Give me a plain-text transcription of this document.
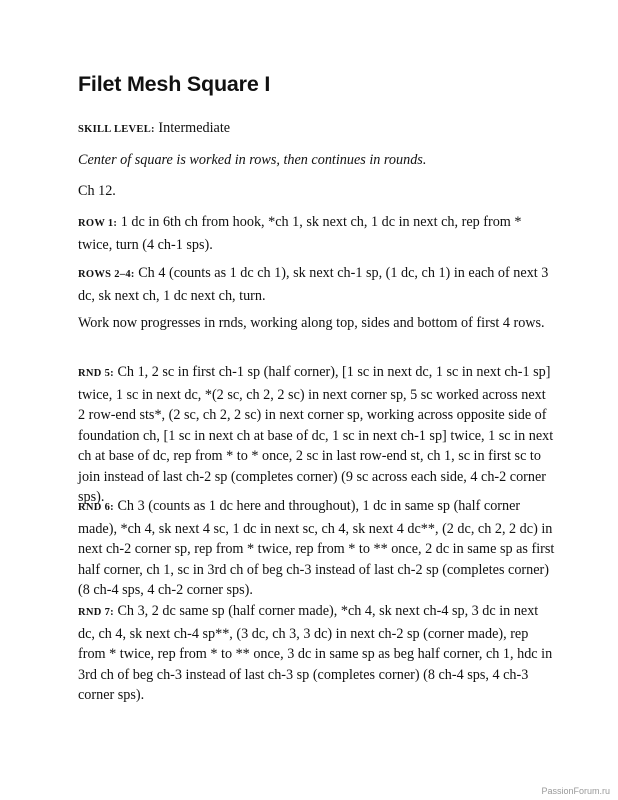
Filet Mesh Square I
SKILL LEVEL: Intermediate
Center of square is worked in rows, then continues in rounds.
Ch 12.
ROW 1: 1 dc in 6th ch from hook, *ch 1, sk next ch, 1 dc in next ch, rep from * twice, turn (4 ch-1 sps).
ROWS 2–4: Ch 4 (counts as 1 dc ch 1), sk next ch-1 sp, (1 dc, ch 1) in each of next 3 dc, sk next ch, 1 dc next ch, turn.
Work now progresses in rnds, working along top, sides and bottom of first 4 rows.
RND 5: Ch 1, 2 sc in first ch-1 sp (half corner), [1 sc in next dc, 1 sc in next ch-1 sp] twice, 1 sc in next dc, *(2 sc, ch 2, 2 sc) in next corner sp, 5 sc worked across next 2 row-end sts*, (2 sc, ch 2, 2 sc) in next corner sp, working across opposite side of foundation ch, [1 sc in next ch at base of dc, 1 sc in next ch-1 sp] twice, 1 sc in next ch at base of dc, rep from * to * once, 2 sc in last row-end st, ch 1, sc in first sc to join instead of last ch-2 sp (completes corner) (9 sc across each side, 4 ch-2 corner sps).
RND 6: Ch 3 (counts as 1 dc here and throughout), 1 dc in same sp (half corner made), *ch 4, sk next 4 sc, 1 dc in next sc, ch 4, sk next 4 dc**, (2 dc, ch 2, 2 dc) in next ch-2 corner sp, rep from * twice, rep from * to ** once, 2 dc in same sp as first half corner, ch 1, sc in 3rd ch of beg ch-3 instead of last ch-2 sp (completes corner) (8 ch-4 sps, 4 ch-2 corner sps).
RND 7: Ch 3, 2 dc same sp (half corner made), *ch 4, sk next ch-4 sp, 3 dc in next dc, ch 4, sk next ch-4 sp**, (3 dc, ch 3, 3 dc) in next ch-2 sp (corner made), rep from * twice, rep from * to ** once, 3 dc in same sp as beg half corner, ch 1, hdc in 3rd ch of beg ch-3 instead of last ch-3 sp (completes corner) (8 ch-4 sps, 4 ch-3 corner sps).
PassionForum.ru
